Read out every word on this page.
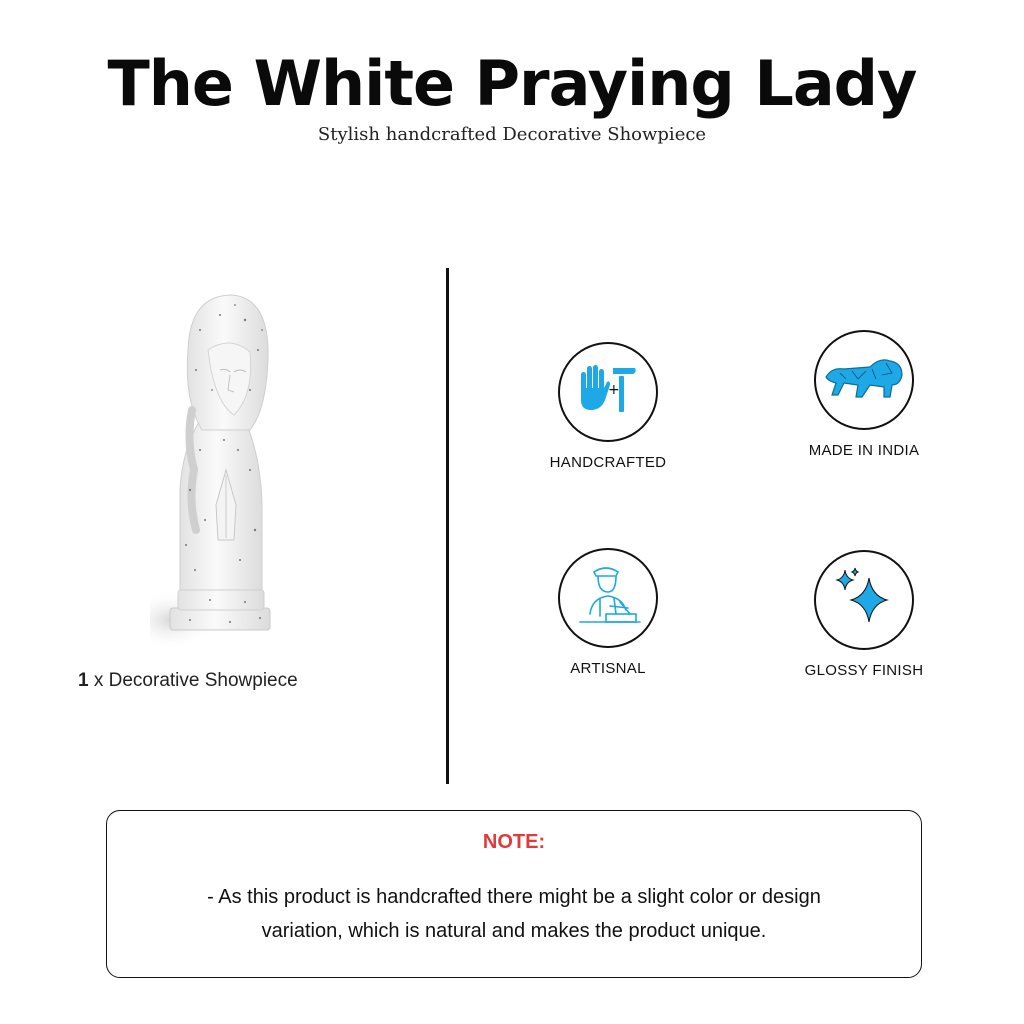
The White Praying Lady
Stylish handcrafted Decorative Showpiece
1 x Decorative Showpiece
+
HANDCRAFTED
MADE IN INDIA
ARTISNAL	GLOSSY FINISH
NOTE:
- As this product is handcrafted there might be a slight color or design variation, which is natural and makes the product unique.
